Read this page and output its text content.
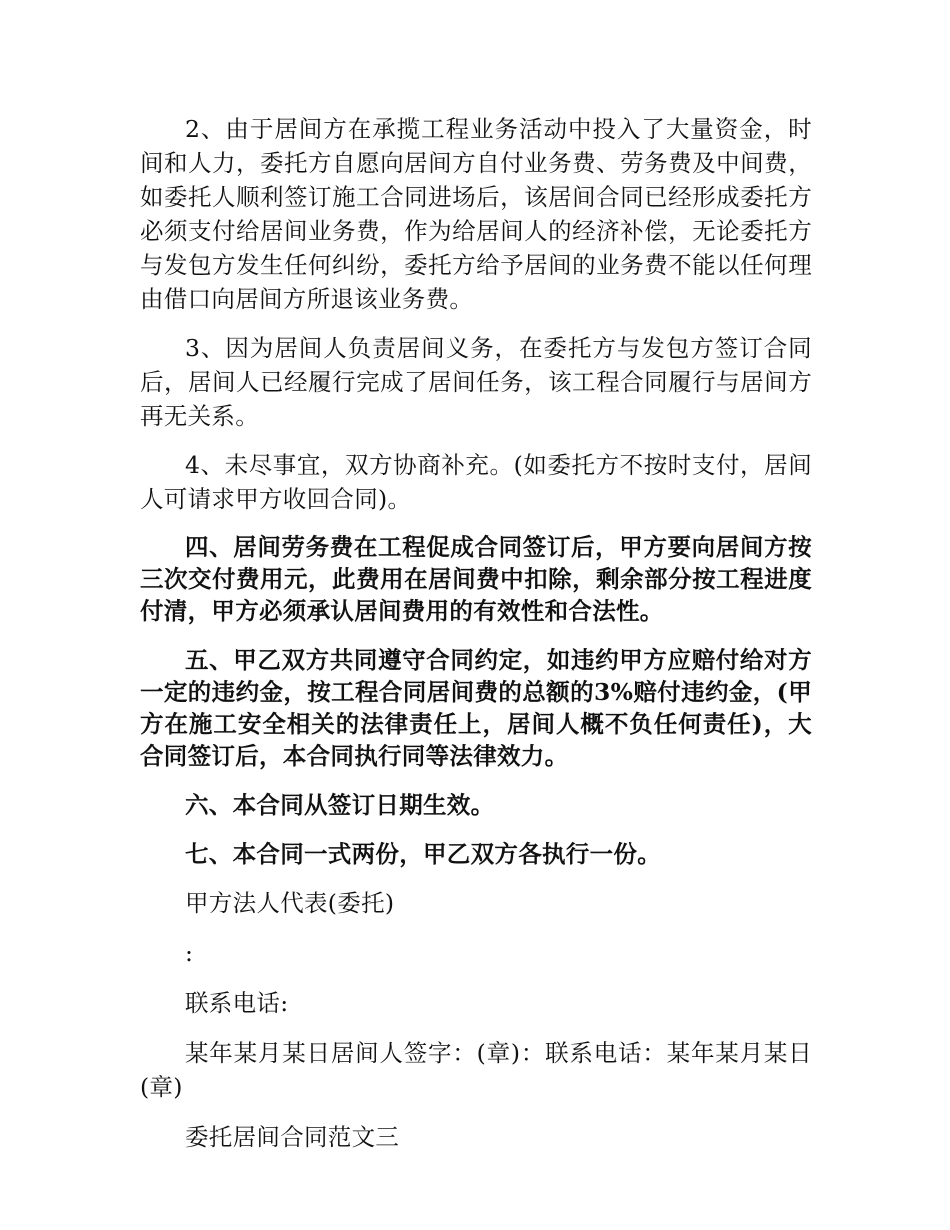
2、由于居间方在承揽工程业务活动中投入了大量资金，时间和人力，委托方自愿向居间方自付业务费、劳务费及中间费，如委托人顺利签订施工合同进场后，该居间合同已经形成委托方必须支付给居间业务费，作为给居间人的经济补偿，无论委托方与发包方发生任何纠纷，委托方给予居间的业务费不能以任何理由借口向居间方所退该业务费。

3、因为居间人负责居间义务，在委托方与发包方签订合同后，居间人已经履行完成了居间任务，该工程合同履行与居间方再无关系。

4、未尽事宜，双方协商补充。(如委托方不按时支付，居间人可请求甲方收回合同)。

四、居间劳务费在工程促成合同签订后，甲方要向居间方按三次交付费用元，此费用在居间费中扣除，剩余部分按工程进度付清，甲方必须承认居间费用的有效性和合法性。

五、甲乙双方共同遵守合同约定，如违约甲方应赔付给对方一定的违约金，按工程合同居间费的总额的3%赔付违约金，(甲方在施工安全相关的法律责任上，居间人概不负任何责任)，大合同签订后，本合同执行同等法律效力。

六、本合同从签订日期生效。

七、本合同一式两份，甲乙双方各执行一份。

甲方法人代表(委托)

:

联系电话:

某年某月某日居间人签字：(章)：联系电话：某年某月某日(章)

委托居间合同范文三
